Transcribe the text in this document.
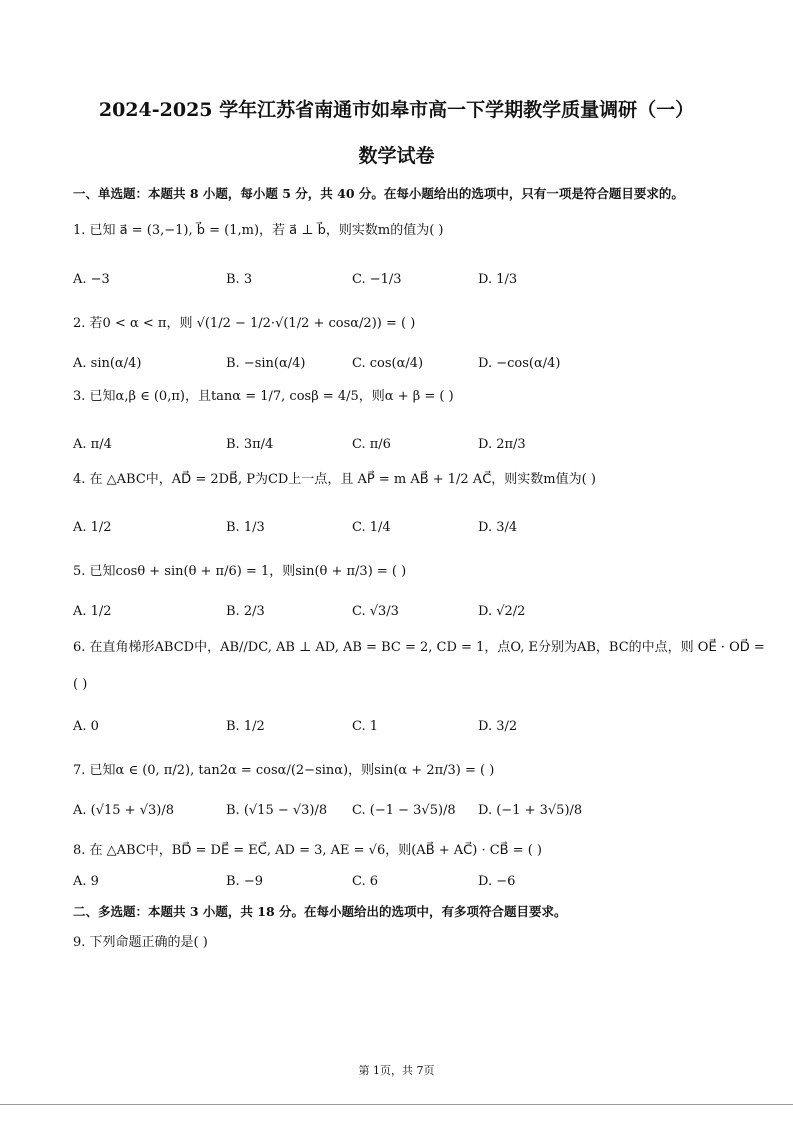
2024-2025 学年江苏省南通市如皋市高一下学期教学质量调研（一）
数学试卷
一、单选题：本题共 8 小题，每小题 5 分，共 40 分。在每小题给出的选项中，只有一项是符合题目要求的。
1. 已知 a⃗ = (3,−1), b⃗ = (1,m)，若 a⃗ ⊥ b⃗，则实数m的值为( )
A. −3	B. 3	C. −1/3	D. 1/3
2. 若0 < α < π，则 √(1/2 − 1/2·√(1/2 + cosα/2)) = ( )
A. sin(α/4)	B. −sin(α/4)	C. cos(α/4)	D. −cos(α/4)
3. 已知α,β ∈ (0,π)，且tanα = 1/7, cosβ = 4/5，则α + β = ( )
A. π/4	B. 3π/4	C. π/6	D. 2π/3
4. 在 △ABC中，AD⃗ = 2DB⃗, P为CD上一点，且 AP⃗ = m AB⃗ + 1/2 AC⃗，则实数m值为( )
A. 1/2	B. 1/3	C. 1/4	D. 3/4
5. 已知cosθ + sin(θ + π/6) = 1，则sin(θ + π/3) = ( )
A. 1/2	B. 2/3	C. √3/3	D. √2/2
6. 在直角梯形ABCD中，AB//DC, AB ⊥ AD, AB = BC = 2, CD = 1，点O, E分别为AB，BC的中点，则 OE⃗ · OD⃗ =
( )
A. 0	B. 1/2	C. 1	D. 3/2
7. 已知α ∈ (0, π/2), tan2α = cosα/(2−sinα)，则sin(α + 2π/3) = ( )
A. (√15 + √3)/8	B. (√15 − √3)/8 C. (−1 − 3√5)/8 D. (−1 + 3√5)/8
8. 在 △ABC中，BD⃗ = DE⃗ = EC⃗, AD = 3, AE = √6，则(AB⃗ + AC⃗) · CB⃗ = ( )
A. 9	B. −9	C. 6	D. −6
二、多选题：本题共 3 小题，共 18 分。在每小题给出的选项中，有多项符合题目要求。
9. 下列命题正确的是( )
第 1页，共 7页
